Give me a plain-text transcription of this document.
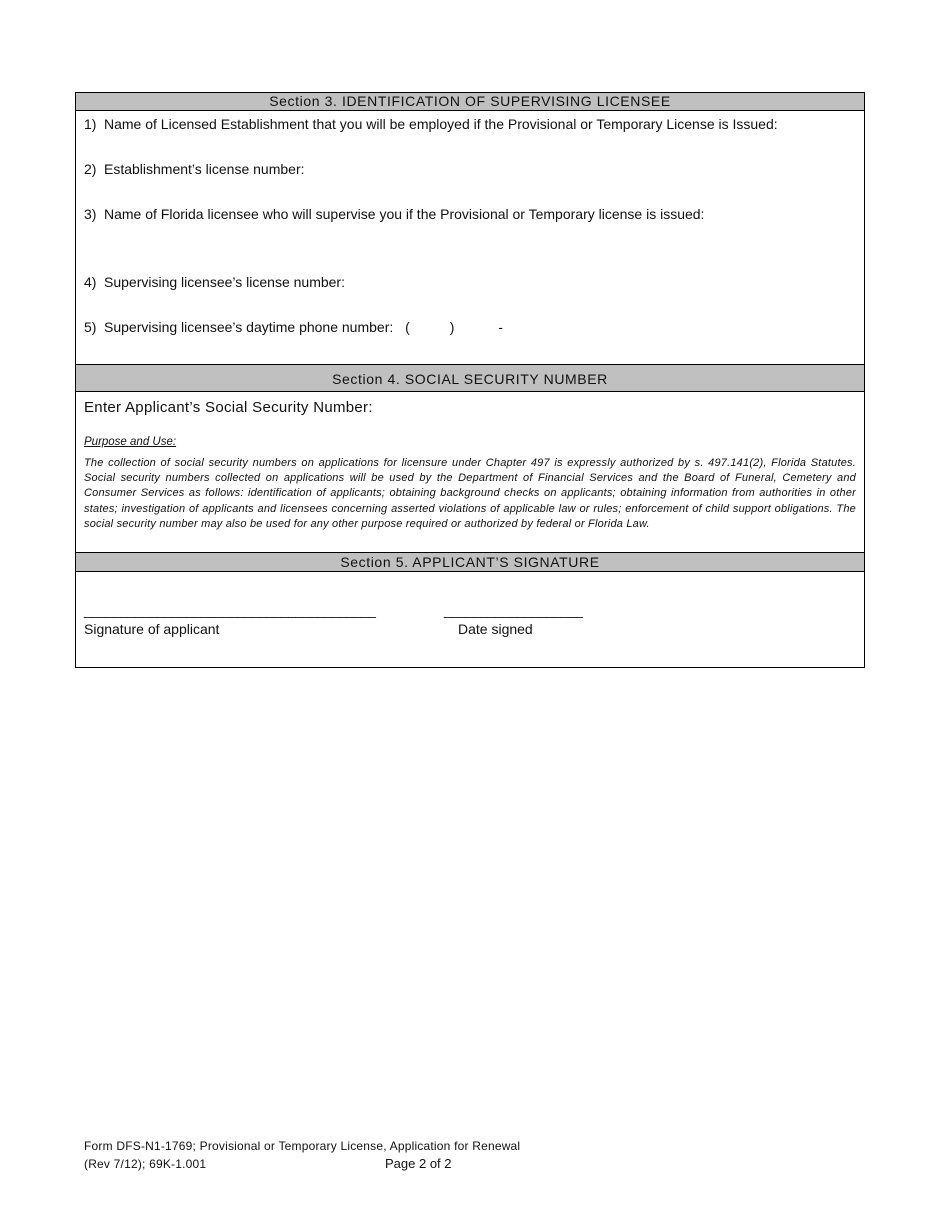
Section 3. IDENTIFICATION OF SUPERVISING LICENSEE
1) Name of Licensed Establishment that you will be employed if the Provisional or Temporary License is Issued:
2) Establishment’s license number:
3) Name of Florida licensee who will supervise you if the Provisional or Temporary license is issued:
4) Supervising licensee’s license number:
5) Supervising licensee’s daytime phone number: (	)	-
Section 4. SOCIAL SECURITY NUMBER
Enter Applicant’s Social Security Number:
Purpose and Use:
The collection of social security numbers on applications for licensure under Chapter 497 is expressly authorized by s. 497.141(2), Florida Statutes. Social security numbers collected on applications will be used by the Department of Financial Services and the Board of Funeral, Cemetery and Consumer Services as follows: identification of applicants; obtaining background checks on applicants; obtaining information from authorities in other states; investigation of applicants and licensees concerning asserted violations of applicable law or rules; enforcement of child support obligations. The social security number may also be used for any other purpose required or authorized by federal or Florida Law.
Section 5. APPLICANT’S SIGNATURE
________________________________________	___________________
Signature of applicant	Date signed
Form DFS-N1-1769; Provisional or Temporary License, Application for Renewal
(Rev 7/12); 69K-1.001	Page 2 of 2
